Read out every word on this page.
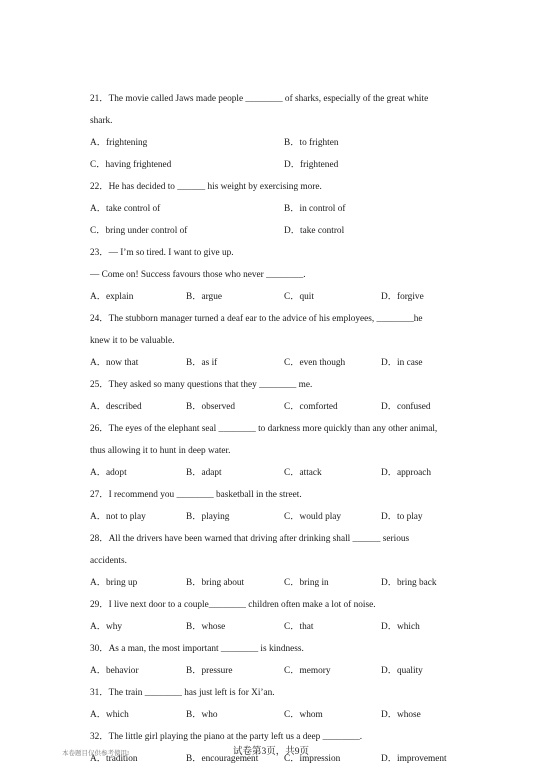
21．The movie called Jaws made people ________ of sharks, especially of the great white
shark.
A．frightening	B．to frighten
C．having frightened	D．frightened
22．He has decided to ______ his weight by exercising more.
A．take control of	B．in control of
C．bring under control of	D．take control
23．— I’m so tired. I want to give up.
— Come on! Success favours those who never ________.
A．explain	B．argue	C．quit	D．forgive
24．The stubborn manager turned a deaf ear to the advice of his employees, ________he
knew it to be valuable.
A．now that	B．as if	C．even though	D．in case
25．They asked so many questions that they ________ me.
A．described	B．observed	C．comforted	D．confused
26．The eyes of the elephant seal ________ to darkness more quickly than any other animal,
thus allowing it to hunt in deep water.
A．adopt	B．adapt	C．attack	D．approach
27．I recommend you ________ basketball in the street.
A．not to play	B．playing	C．would play	D．to play
28．All the drivers have been warned that driving after drinking shall ______ serious
accidents.
A．bring up	B．bring about	C．bring in	D．bring back
29．I live next door to a couple________ children often make a lot of noise.
A．why	B．whose	C．that	D．which
30．As a man, the most important ________ is kindness.
A．behavior	B．pressure	C．memory	D．quality
31．The train ________ has just left is for Xi’an.
A．which	B．who	C．whom	D．whose
32．The little girl playing the piano at the party left us a deep ________.
A．tradition	B．encouragement	C．impression	D．improvement
本卷题目仅供参考使用!	试卷第3页，共9页
